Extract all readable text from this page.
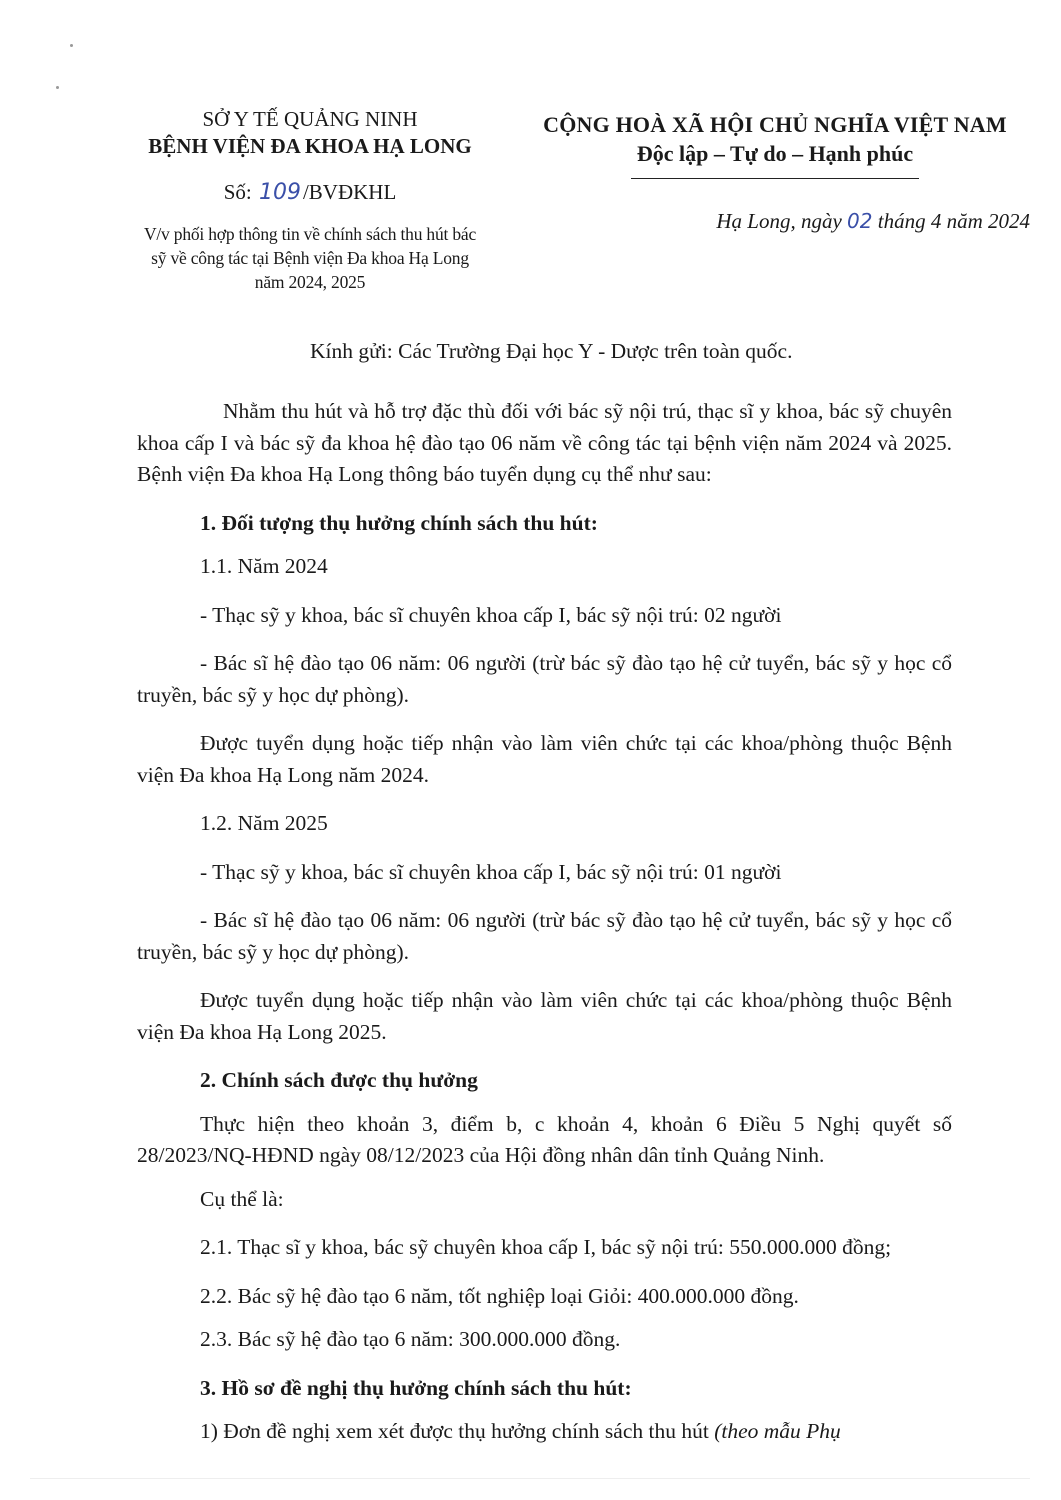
SỞ Y TẾ QUẢNG NINH
BỆNH VIỆN ĐA KHOA HẠ LONG
CỘNG HOÀ XÃ HỘI CHỦ NGHĨA VIỆT NAM
Độc lập – Tự do – Hạnh phúc
Số: 109/BVĐKHL
V/v phối hợp thông tin về chính sách thu hút bác
sỹ về công tác tại Bệnh viện Đa khoa Hạ Long
năm 2024, 2025
Hạ Long, ngày 02 tháng 4 năm 2024
Kính gửi: Các Trường Đại học Y - Dược trên toàn quốc.

Nhằm thu hút và hỗ trợ đặc thù đối với bác sỹ nội trú, thạc sĩ y khoa, bác sỹ chuyên khoa cấp I và bác sỹ đa khoa hệ đào tạo 06 năm về công tác tại bệnh viện năm 2024 và 2025. Bệnh viện Đa khoa Hạ Long thông báo tuyển dụng cụ thể như sau:

1. Đối tượng thụ hưởng chính sách thu hút:

1.1. Năm 2024

- Thạc sỹ y khoa, bác sĩ chuyên khoa cấp I, bác sỹ nội trú: 02 người

- Bác sĩ hệ đào tạo 06 năm: 06 người (trừ bác sỹ đào tạo hệ cử tuyển, bác sỹ y học cổ truyền, bác sỹ y học dự phòng).

Được tuyển dụng hoặc tiếp nhận vào làm viên chức tại các khoa/phòng thuộc Bệnh viện Đa khoa Hạ Long năm 2024.

1.2. Năm 2025

- Thạc sỹ y khoa, bác sĩ chuyên khoa cấp I, bác sỹ nội trú: 01 người

- Bác sĩ hệ đào tạo 06 năm: 06 người (trừ bác sỹ đào tạo hệ cử tuyển, bác sỹ y học cổ truyền, bác sỹ y học dự phòng).

Được tuyển dụng hoặc tiếp nhận vào làm viên chức tại các khoa/phòng thuộc Bệnh viện Đa khoa Hạ Long 2025.

2. Chính sách được thụ hưởng

Thực hiện theo khoản 3, điểm b, c khoản 4, khoản 6 Điều 5 Nghị quyết số 28/2023/NQ-HĐND ngày 08/12/2023 của Hội đồng nhân dân tỉnh Quảng Ninh.

Cụ thể là:

2.1. Thạc sĩ y khoa, bác sỹ chuyên khoa cấp I, bác sỹ nội trú: 550.000.000 đồng;

2.2. Bác sỹ hệ đào tạo 6 năm, tốt nghiệp loại Giỏi: 400.000.000 đồng.

2.3. Bác sỹ hệ đào tạo 6 năm: 300.000.000 đồng.

3. Hồ sơ đề nghị thụ hưởng chính sách thu hút:

1) Đơn đề nghị xem xét được thụ hưởng chính sách thu hút (theo mẫu Phụ
